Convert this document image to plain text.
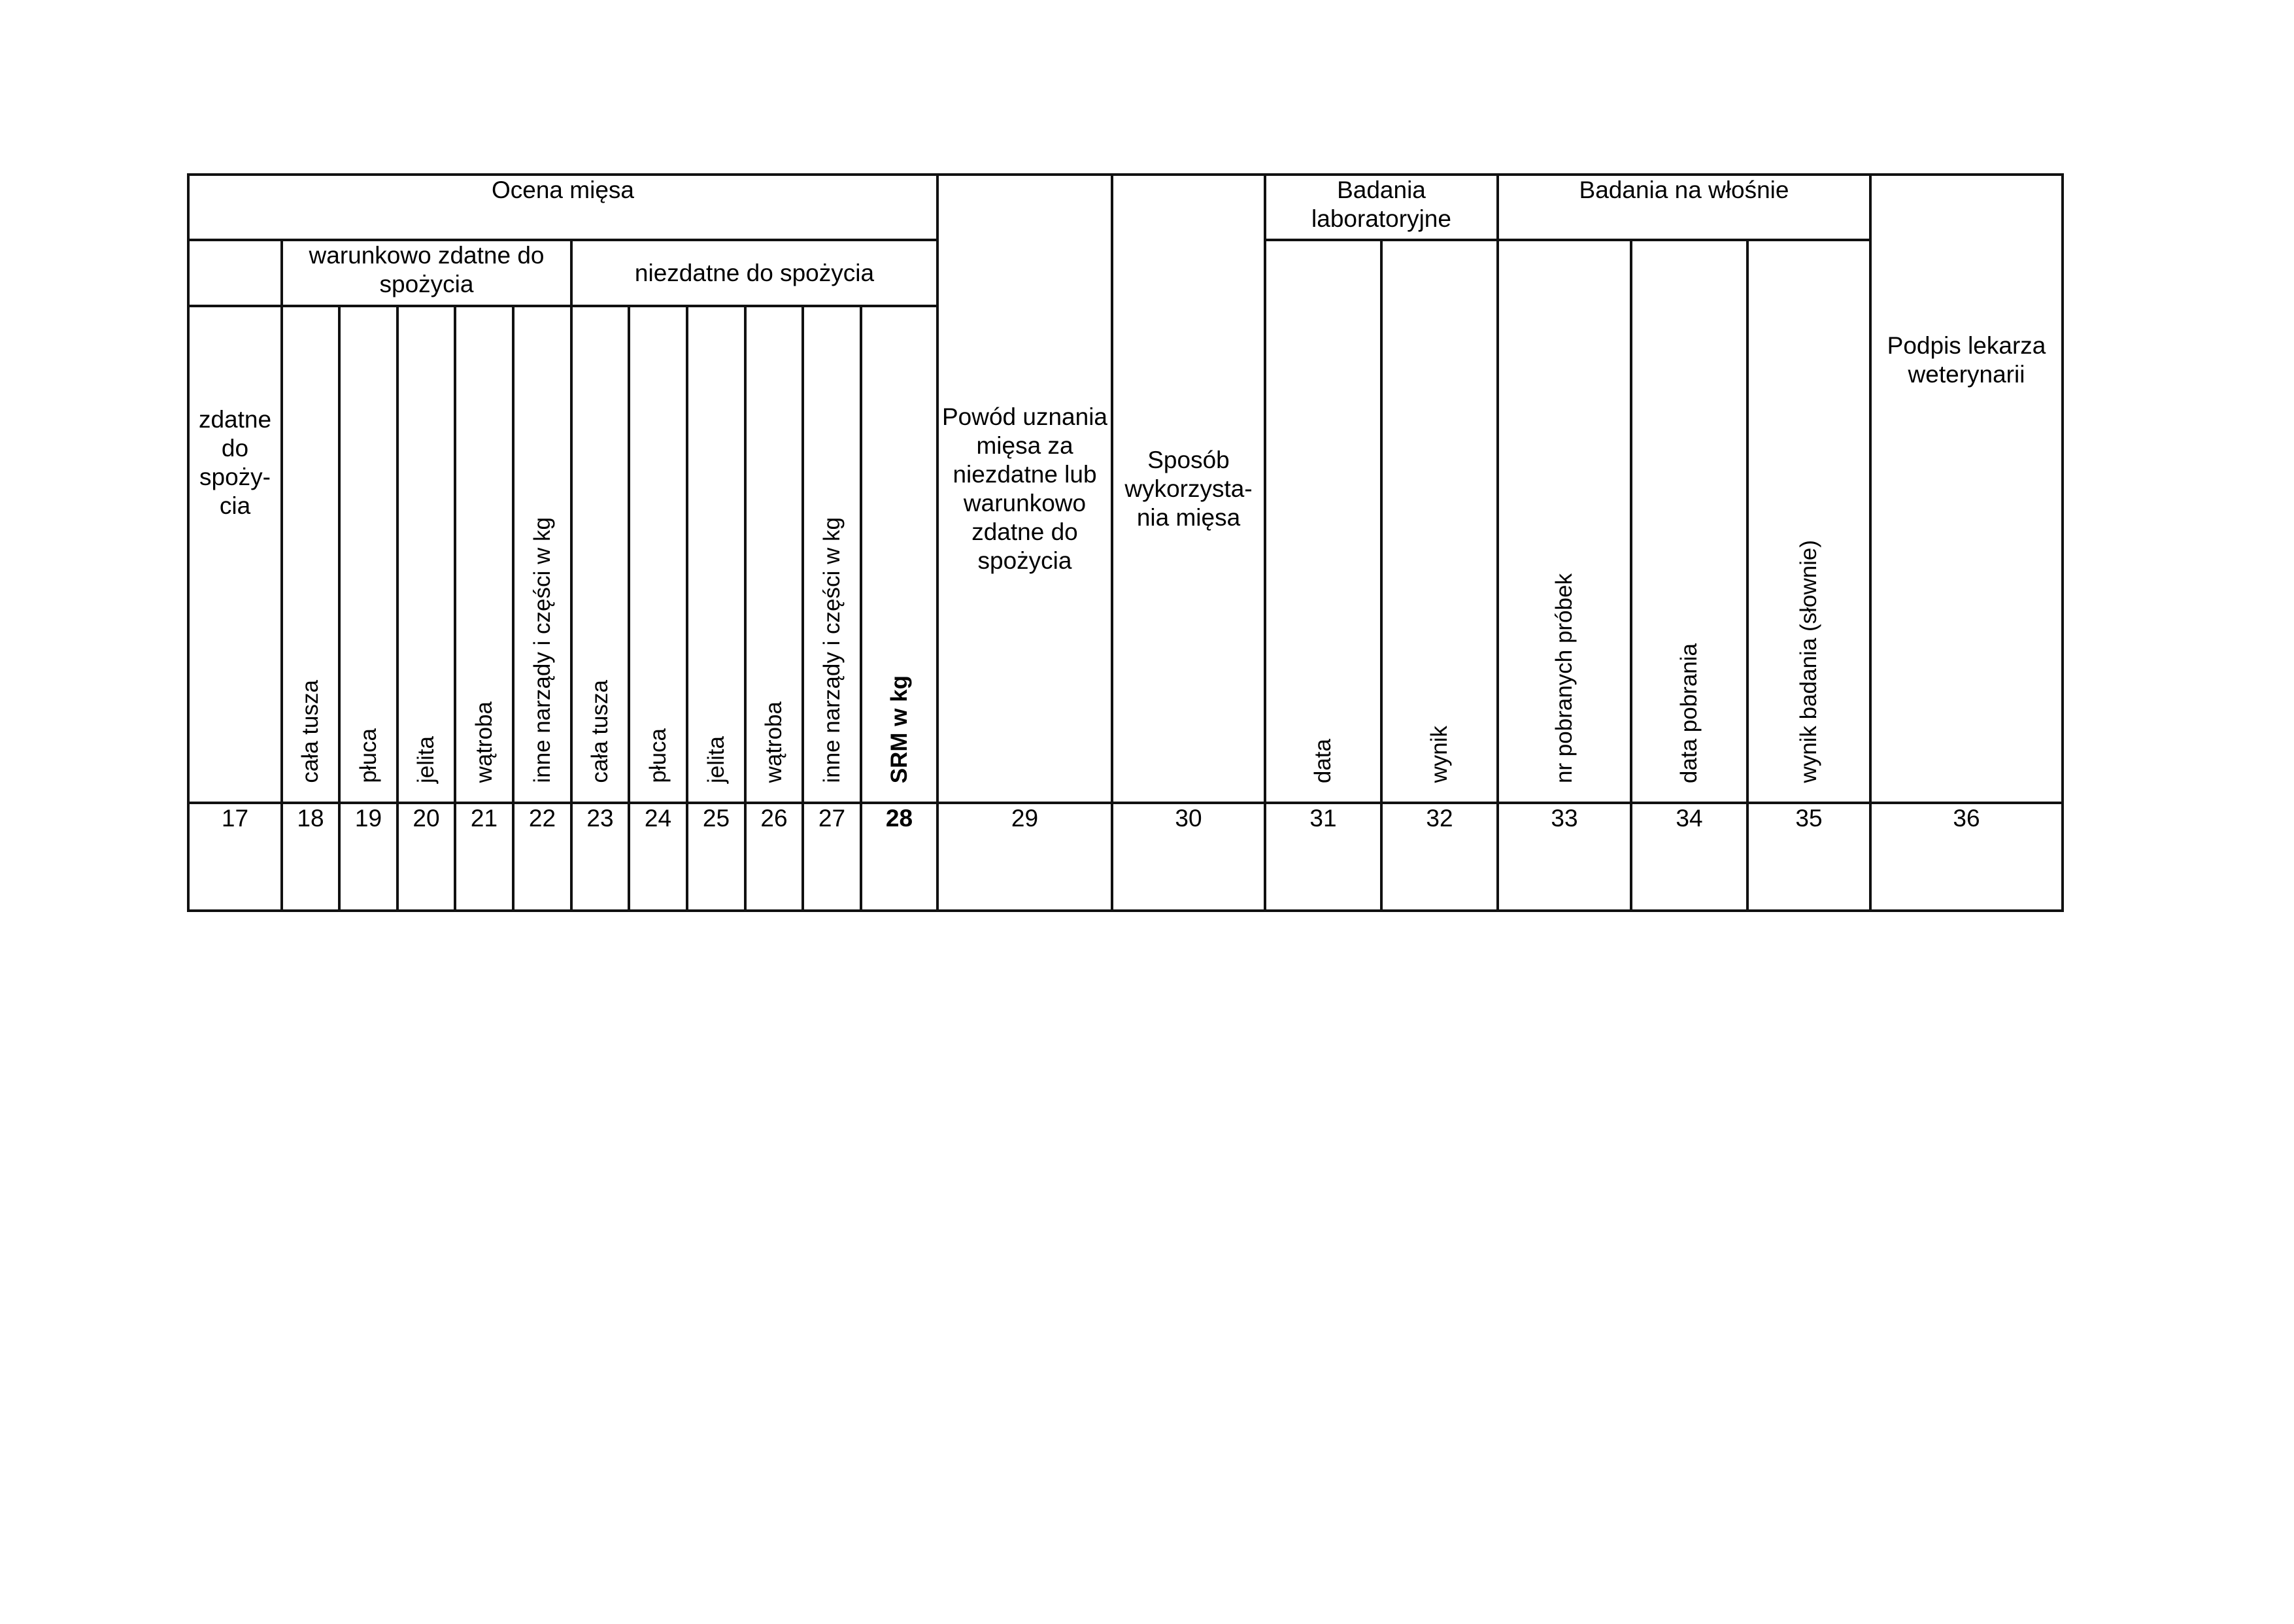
Ocena mięsa												Powód uznania mięsa za niezdatne lub warunkowo zdatne do spożycia	Sposób wykorzysta- nia mięsa	Badania laboratoryjne		Badania na włośnie			Podpis lekarza weterynarii
	warunkowo zdatne do spożycia					niezdatne do spożycia								data	wynik	nr pobranych próbek	data pobrania	wynik badania (słownie)	
zdatne do spoży- cia	cała tusza	płuca	jelita	wątroba	inne narządy i części w kg	cała tusza	płuca	jelita	wątroba	inne narządy i części w kg	SRM w kg								
17	18	19	20	21	22	23	24	25	26	27	28	29	30	31	32	33	34	35	36
